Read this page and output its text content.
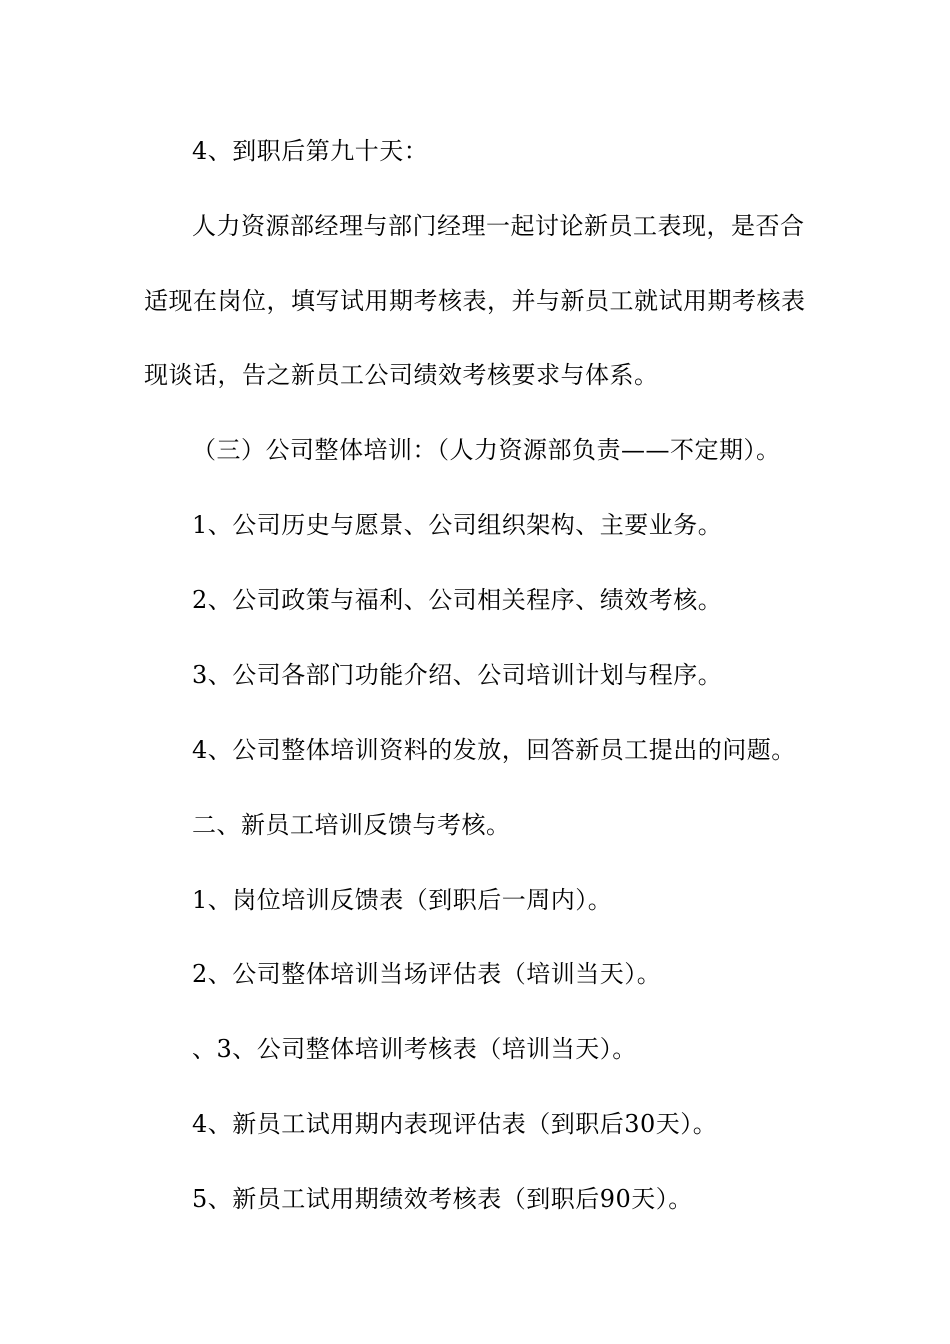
4、到职后第九十天：

人力资源部经理与部门经理一起讨论新员工表现，是否合

适现在岗位，填写试用期考核表，并与新员工就试用期考核表

现谈话，告之新员工公司绩效考核要求与体系。

（三）公司整体培训：（人力资源部负责——不定期）。

1、公司历史与愿景、公司组织架构、主要业务。

2、公司政策与福利、公司相关程序、绩效考核。

3、公司各部门功能介绍、公司培训计划与程序。

4、公司整体培训资料的发放，回答新员工提出的问题。

二、新员工培训反馈与考核。

1、岗位培训反馈表（到职后一周内）。

2、公司整体培训当场评估表（培训当天）。

、3、公司整体培训考核表（培训当天）。

4、新员工试用期内表现评估表（到职后30天）。

5、新员工试用期绩效考核表（到职后90天）。
